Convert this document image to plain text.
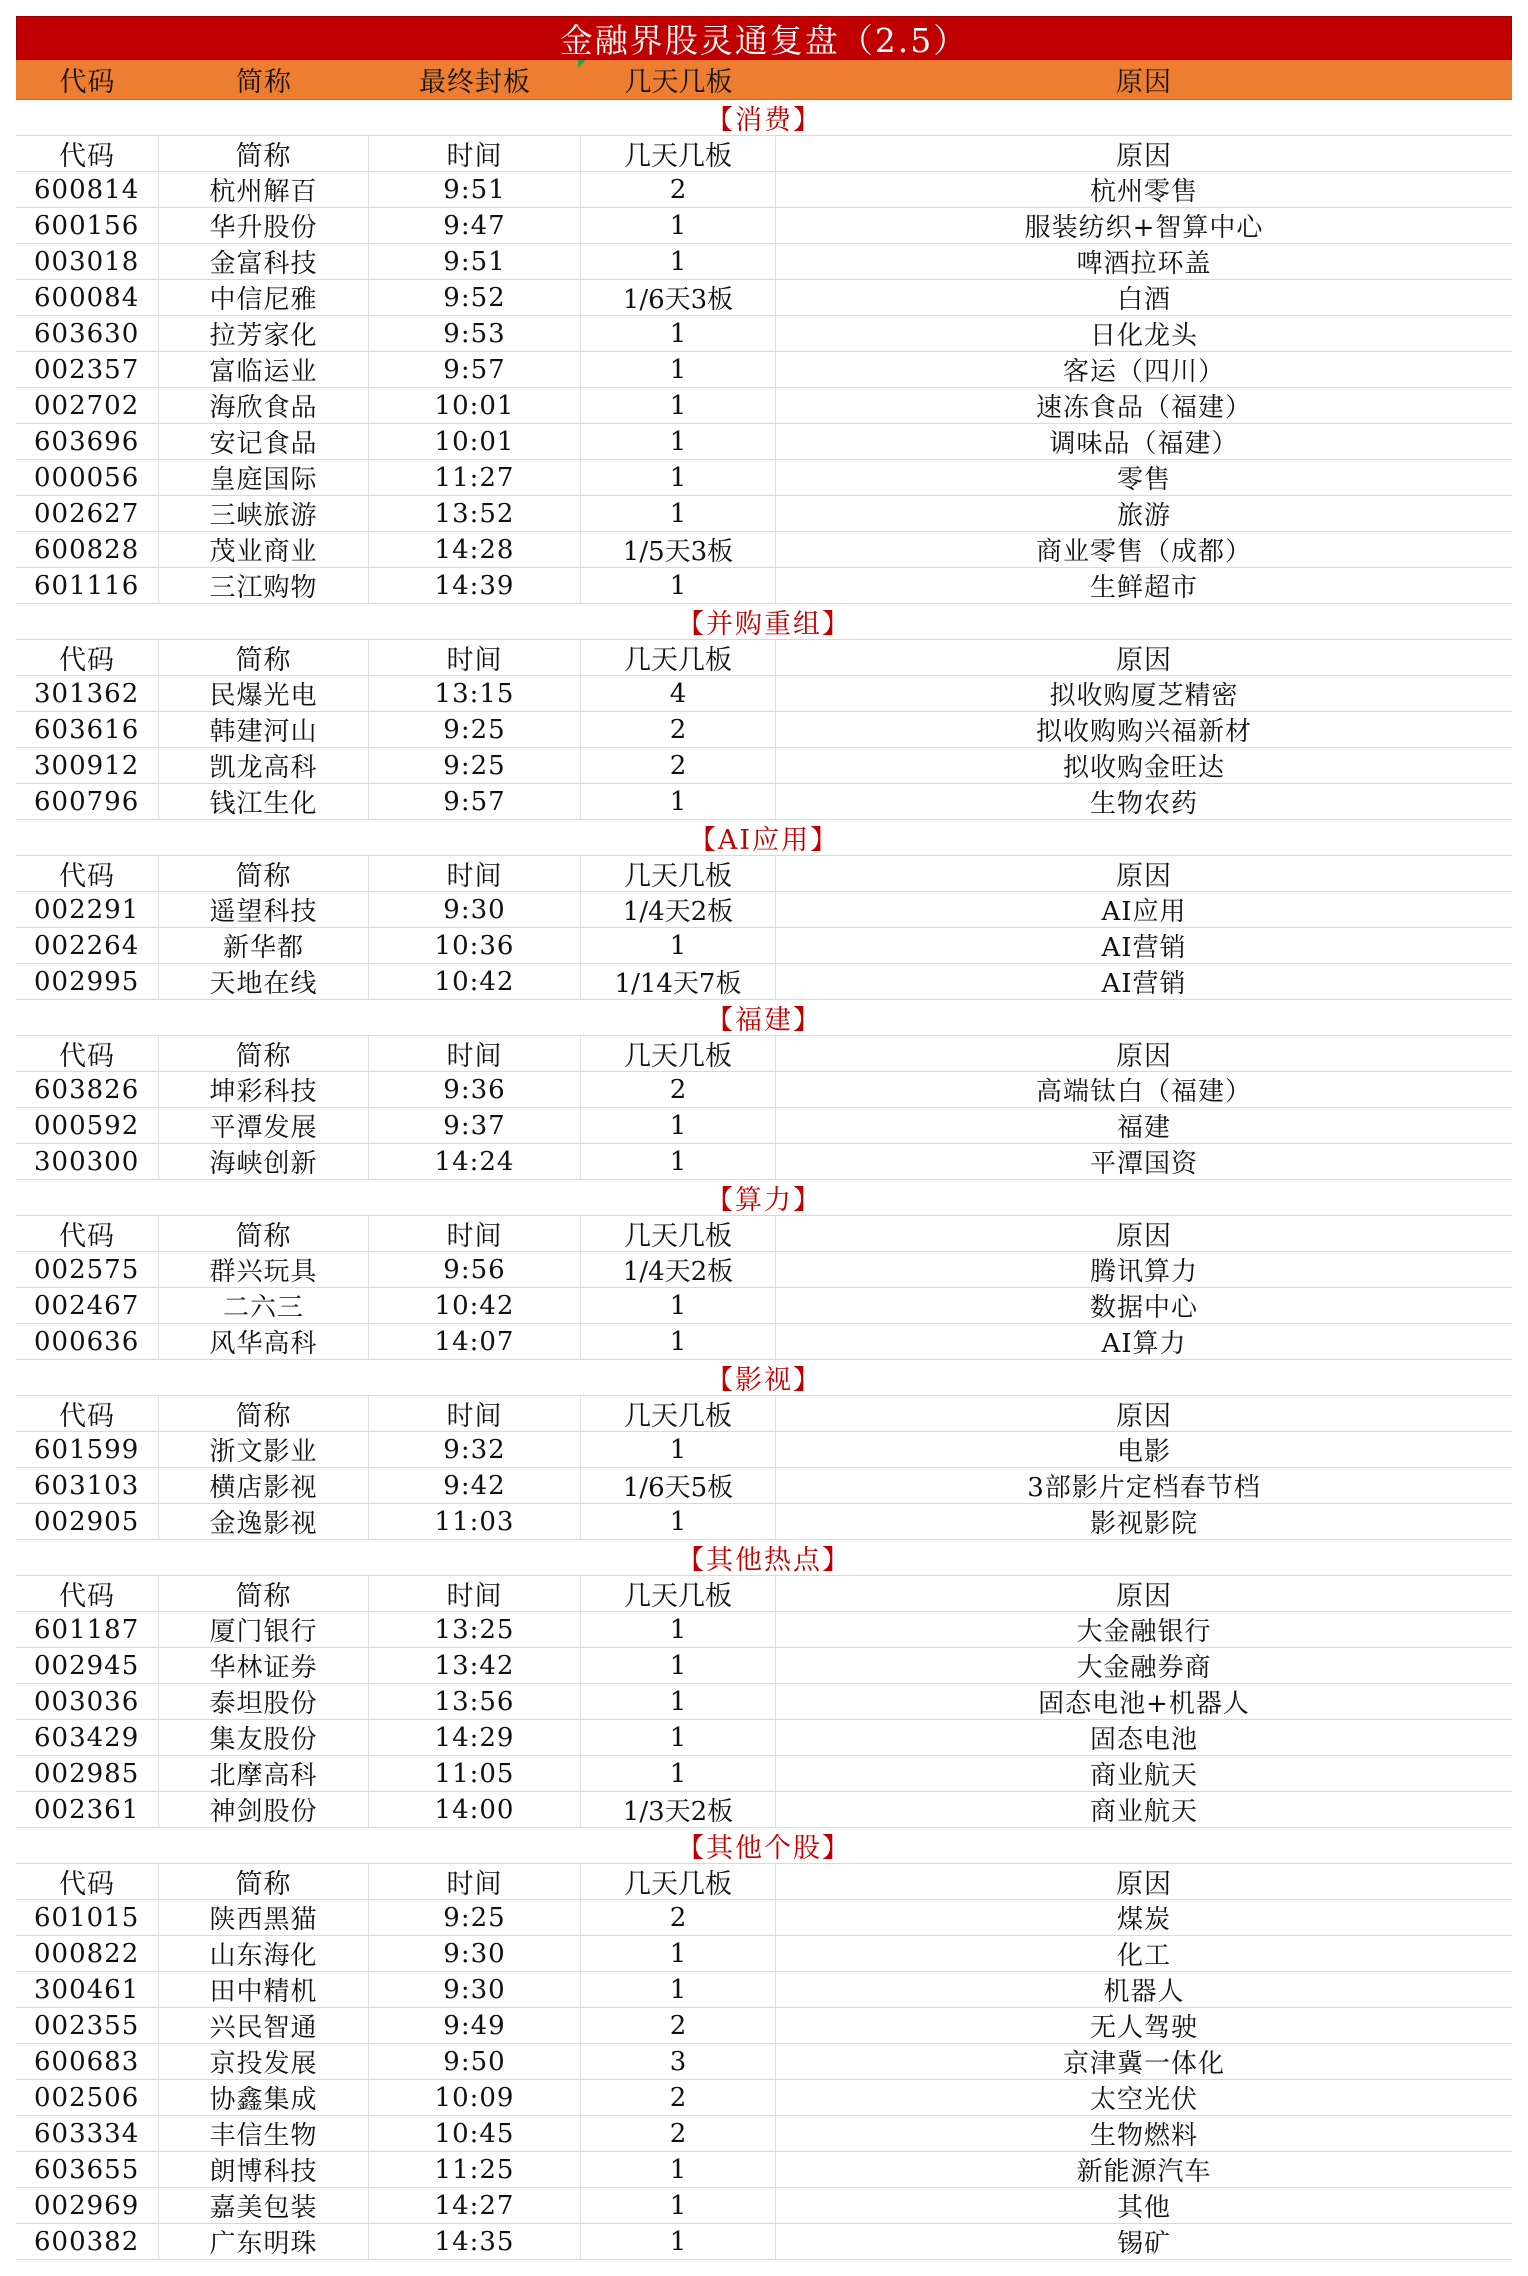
金融界股灵通复盘（2.5）
代码	简称	最终封板	几天几板	原因
【消费】
代码	简称	时间	几天几板	原因
600814	杭州解百	9:51	2	杭州零售
600156	华升股份	9:47	1	服装纺织+智算中心
003018	金富科技	9:51	1	啤酒拉环盖
600084	中信尼雅	9:52	1/6天3板	白酒
603630	拉芳家化	9:53	1	日化龙头
002357	富临运业	9:57	1	客运（四川）
002702	海欣食品	10:01	1	速冻食品（福建）
603696	安记食品	10:01	1	调味品（福建）
000056	皇庭国际	11:27	1	零售
002627	三峡旅游	13:52	1	旅游
600828	茂业商业	14:28	1/5天3板	商业零售（成都）
601116	三江购物	14:39	1	生鲜超市
【并购重组】
代码	简称	时间	几天几板	原因
301362	民爆光电	13:15	4	拟收购厦芝精密
603616	韩建河山	9:25	2	拟收购购兴福新材
300912	凯龙高科	9:25	2	拟收购金旺达
600796	钱江生化	9:57	1	生物农药
【AI应用】
代码	简称	时间	几天几板	原因
002291	遥望科技	9:30	1/4天2板	AI应用
002264	新华都	10:36	1	AI营销
002995	天地在线	10:42	1/14天7板	AI营销
【福建】
代码	简称	时间	几天几板	原因
603826	坤彩科技	9:36	2	高端钛白（福建）
000592	平潭发展	9:37	1	福建
300300	海峡创新	14:24	1	平潭国资
【算力】
代码	简称	时间	几天几板	原因
002575	群兴玩具	9:56	1/4天2板	腾讯算力
002467	二六三	10:42	1	数据中心
000636	风华高科	14:07	1	AI算力
【影视】
代码	简称	时间	几天几板	原因
601599	浙文影业	9:32	1	电影
603103	横店影视	9:42	1/6天5板	3部影片定档春节档
002905	金逸影视	11:03	1	影视影院
【其他热点】
代码	简称	时间	几天几板	原因
601187	厦门银行	13:25	1	大金融银行
002945	华林证券	13:42	1	大金融券商
003036	泰坦股份	13:56	1	固态电池+机器人
603429	集友股份	14:29	1	固态电池
002985	北摩高科	11:05	1	商业航天
002361	神剑股份	14:00	1/3天2板	商业航天
【其他个股】
代码	简称	时间	几天几板	原因
601015	陕西黑猫	9:25	2	煤炭
000822	山东海化	9:30	1	化工
300461	田中精机	9:30	1	机器人
002355	兴民智通	9:49	2	无人驾驶
600683	京投发展	9:50	3	京津冀一体化
002506	协鑫集成	10:09	2	太空光伏
603334	丰信生物	10:45	2	生物燃料
603655	朗博科技	11:25	1	新能源汽车
002969	嘉美包装	14:27	1	其他
600382	广东明珠	14:35	1	锡矿
